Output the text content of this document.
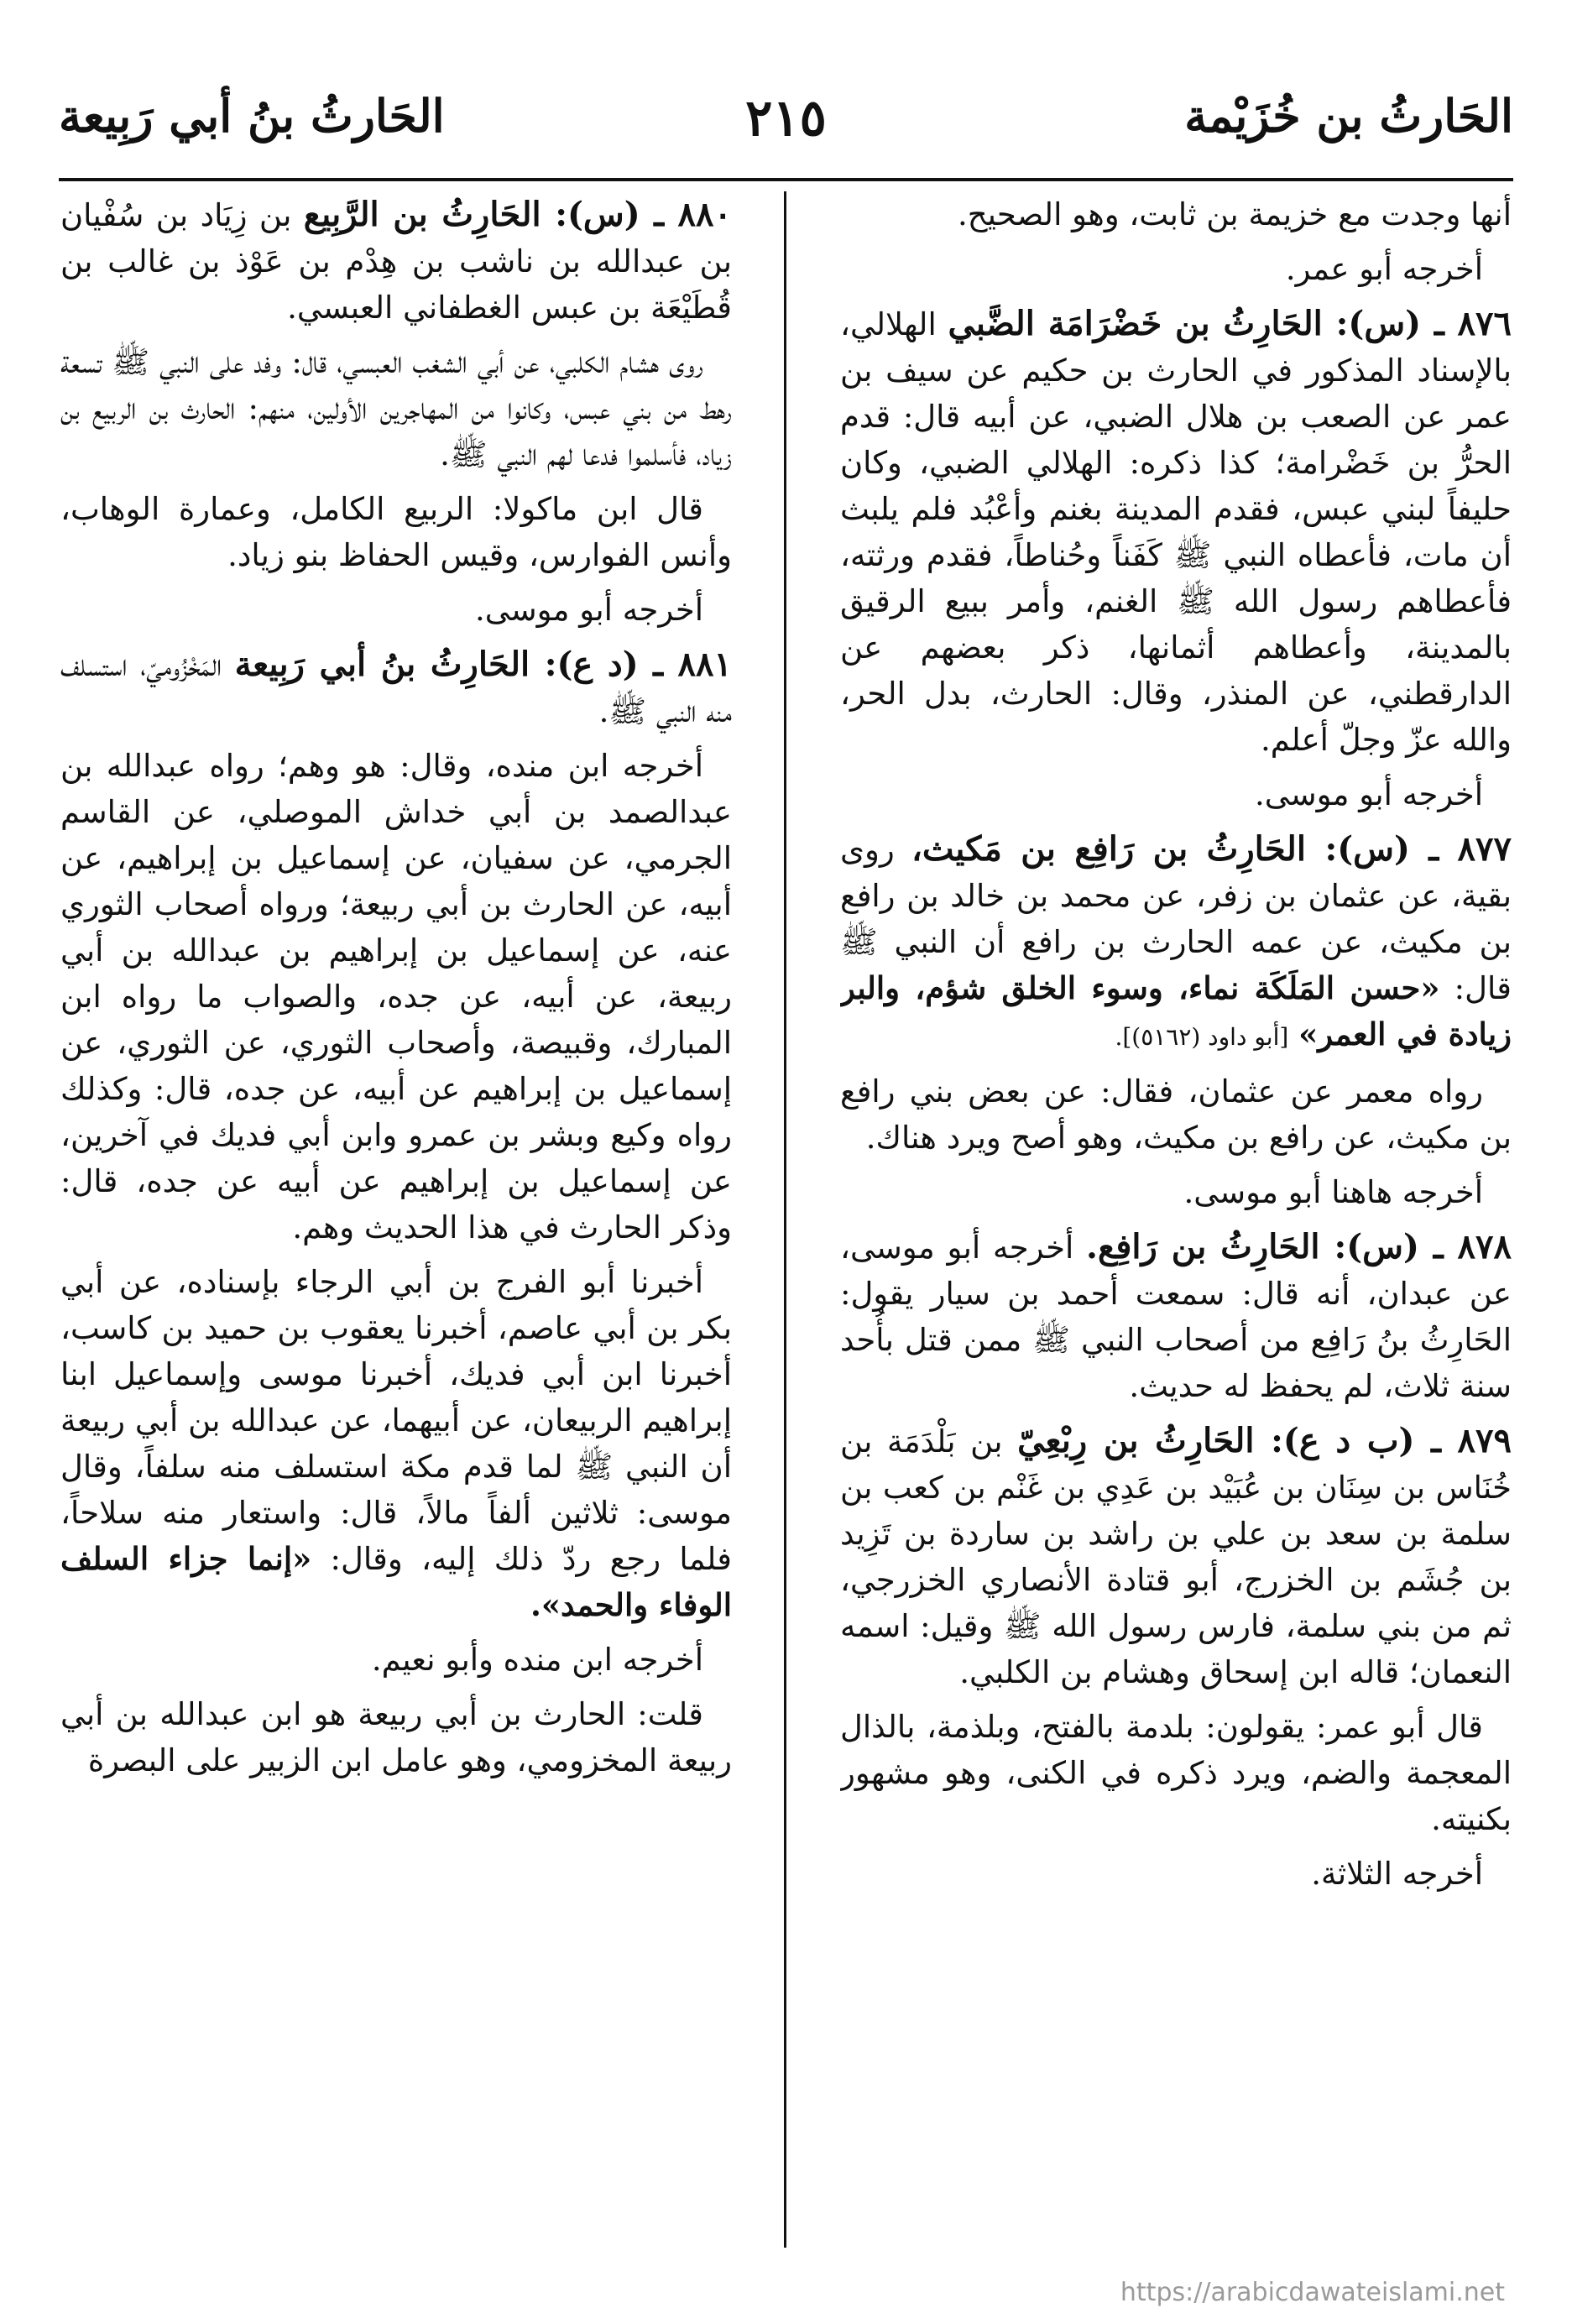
الحَارثُ بن خُزَيْمة
٢١٥
الحَارثُ بنُ أبي رَبِيعة

أنها وجدت مع خزيمة بن ثابت، وهو الصحيح.

أخرجه أبو عمر.

٨٧٦ ـ (س): الحَارِثُ بن خَضْرَامَة الضَّبي الهلالي، بالإسناد المذكور في الحارث بن حكيم عن سيف بن عمر عن الصعب بن هلال الضبي، عن أبيه قال: قدم الحرُّ بن خَضْرامة؛ كذا ذكره: الهلالي الضبي، وكان حليفاً لبني عبس، فقدم المدينة بغنم وأعْبُد فلم يلبث أن مات، فأعطاه النبي ﷺ كَفَناً وحُناطاً، فقدم ورثته، فأعطاهم رسول الله ﷺ الغنم، وأمر ببيع الرقيق بالمدينة، وأعطاهم أثمانها، ذكر بعضهم عن الدارقطني، عن المنذر، وقال: الحارث، بدل الحر، والله عزّ وجلّ أعلم.

أخرجه أبو موسى.

٨٧٧ ـ (س): الحَارِثُ بن رَافِع بن مَكيث، روى بقية، عن عثمان بن زفر، عن محمد بن خالد بن رافع بن مكيث، عن عمه الحارث بن رافع أن النبي ﷺ قال: «حسن المَلَكَة نماء، وسوء الخلق شؤم، والبر زيادة في العمر» [أبو داود (٥١٦٢)].

رواه معمر عن عثمان، فقال: عن بعض بني رافع بن مكيث، عن رافع بن مكيث، وهو أصح ويرد هناك.

أخرجه هاهنا أبو موسى.

٨٧٨ ـ (س): الحَارِثُ بن رَافِع. أخرجه أبو موسى، عن عبدان، أنه قال: سمعت أحمد بن سيار يقول: الحَارِثُ بنُ رَافِع من أصحاب النبي ﷺ ممن قتل بأُحد سنة ثلاث، لم يحفظ له حديث.

٨٧٩ ـ (ب د ع): الحَارِثُ بن رِبْعِيّ بن بَلْدَمَة بن خُنَاس بن سِنَان بن عُبَيْد بن عَدِي بن غَنْم بن كعب بن سلمة بن سعد بن علي بن راشد بن ساردة بن تَزِيد بن جُشَم بن الخزرج، أبو قتادة الأنصاري الخزرجي، ثم من بني سلمة، فارس رسول الله ﷺ وقيل: اسمه النعمان؛ قاله ابن إسحاق وهشام بن الكلبي.

قال أبو عمر: يقولون: بلدمة بالفتح، وبلذمة، بالذال المعجمة والضم، ويرد ذكره في الكنى، وهو مشهور بكنيته.

أخرجه الثلاثة.

٨٨٠ ـ (س): الحَارِثُ بن الرَّبِيع بن زِيَاد بن سُفْيان بن عبدالله بن ناشب بن هِدْم بن عَوْذ بن غالب بن قُطَيْعَة بن عبس الغطفاني العبسي.

روى هشام الكلبي، عن أبي الشغب العبسي، قال: وفد على النبي ﷺ تسعة رهط من بني عبس، وكانوا من المهاجرين الأولين، منهم: الحارث بن الربيع بن زياد، فأسلموا فدعا لهم النبي ﷺ.

قال ابن ماكولا: الربيع الكامل، وعمارة الوهاب، وأنس الفوارس، وقيس الحفاظ بنو زياد.

أخرجه أبو موسى.

٨٨١ ـ (د ع): الحَارِثُ بنُ أبي رَبِيعة المَخْزُوميّ، استسلف منه النبي ﷺ.

أخرجه ابن منده، وقال: هو وهم؛ رواه عبدالله بن عبدالصمد بن أبي خداش الموصلي، عن القاسم الجرمي، عن سفيان، عن إسماعيل بن إبراهيم، عن أبيه، عن الحارث بن أبي ربيعة؛ ورواه أصحاب الثوري عنه، عن إسماعيل بن إبراهيم بن عبدالله بن أبي ربيعة، عن أبيه، عن جده، والصواب ما رواه ابن المبارك، وقبيصة، وأصحاب الثوري، عن الثوري، عن إسماعيل بن إبراهيم عن أبيه، عن جده، قال: وكذلك رواه وكيع وبشر بن عمرو وابن أبي فديك في آخرين، عن إسماعيل بن إبراهيم عن أبيه عن جده، قال: وذكر الحارث في هذا الحديث وهم.

أخبرنا أبو الفرج بن أبي الرجاء بإسناده، عن أبي بكر بن أبي عاصم، أخبرنا يعقوب بن حميد بن كاسب، أخبرنا ابن أبي فديك، أخبرنا موسى وإسماعيل ابنا إبراهيم الربيعان، عن أبيهما، عن عبدالله بن أبي ربيعة أن النبي ﷺ لما قدم مكة استسلف منه سلفاً، وقال موسى: ثلاثين ألفاً مالاً، قال: واستعار منه سلاحاً، فلما رجع ردّ ذلك إليه، وقال: «إنما جزاء السلف الوفاء والحمد».

أخرجه ابن منده وأبو نعيم.

قلت: الحارث بن أبي ربيعة هو ابن عبدالله بن أبي ربيعة المخزومي، وهو عامل ابن الزبير على البصرة

https://arabicdawateislami.net
